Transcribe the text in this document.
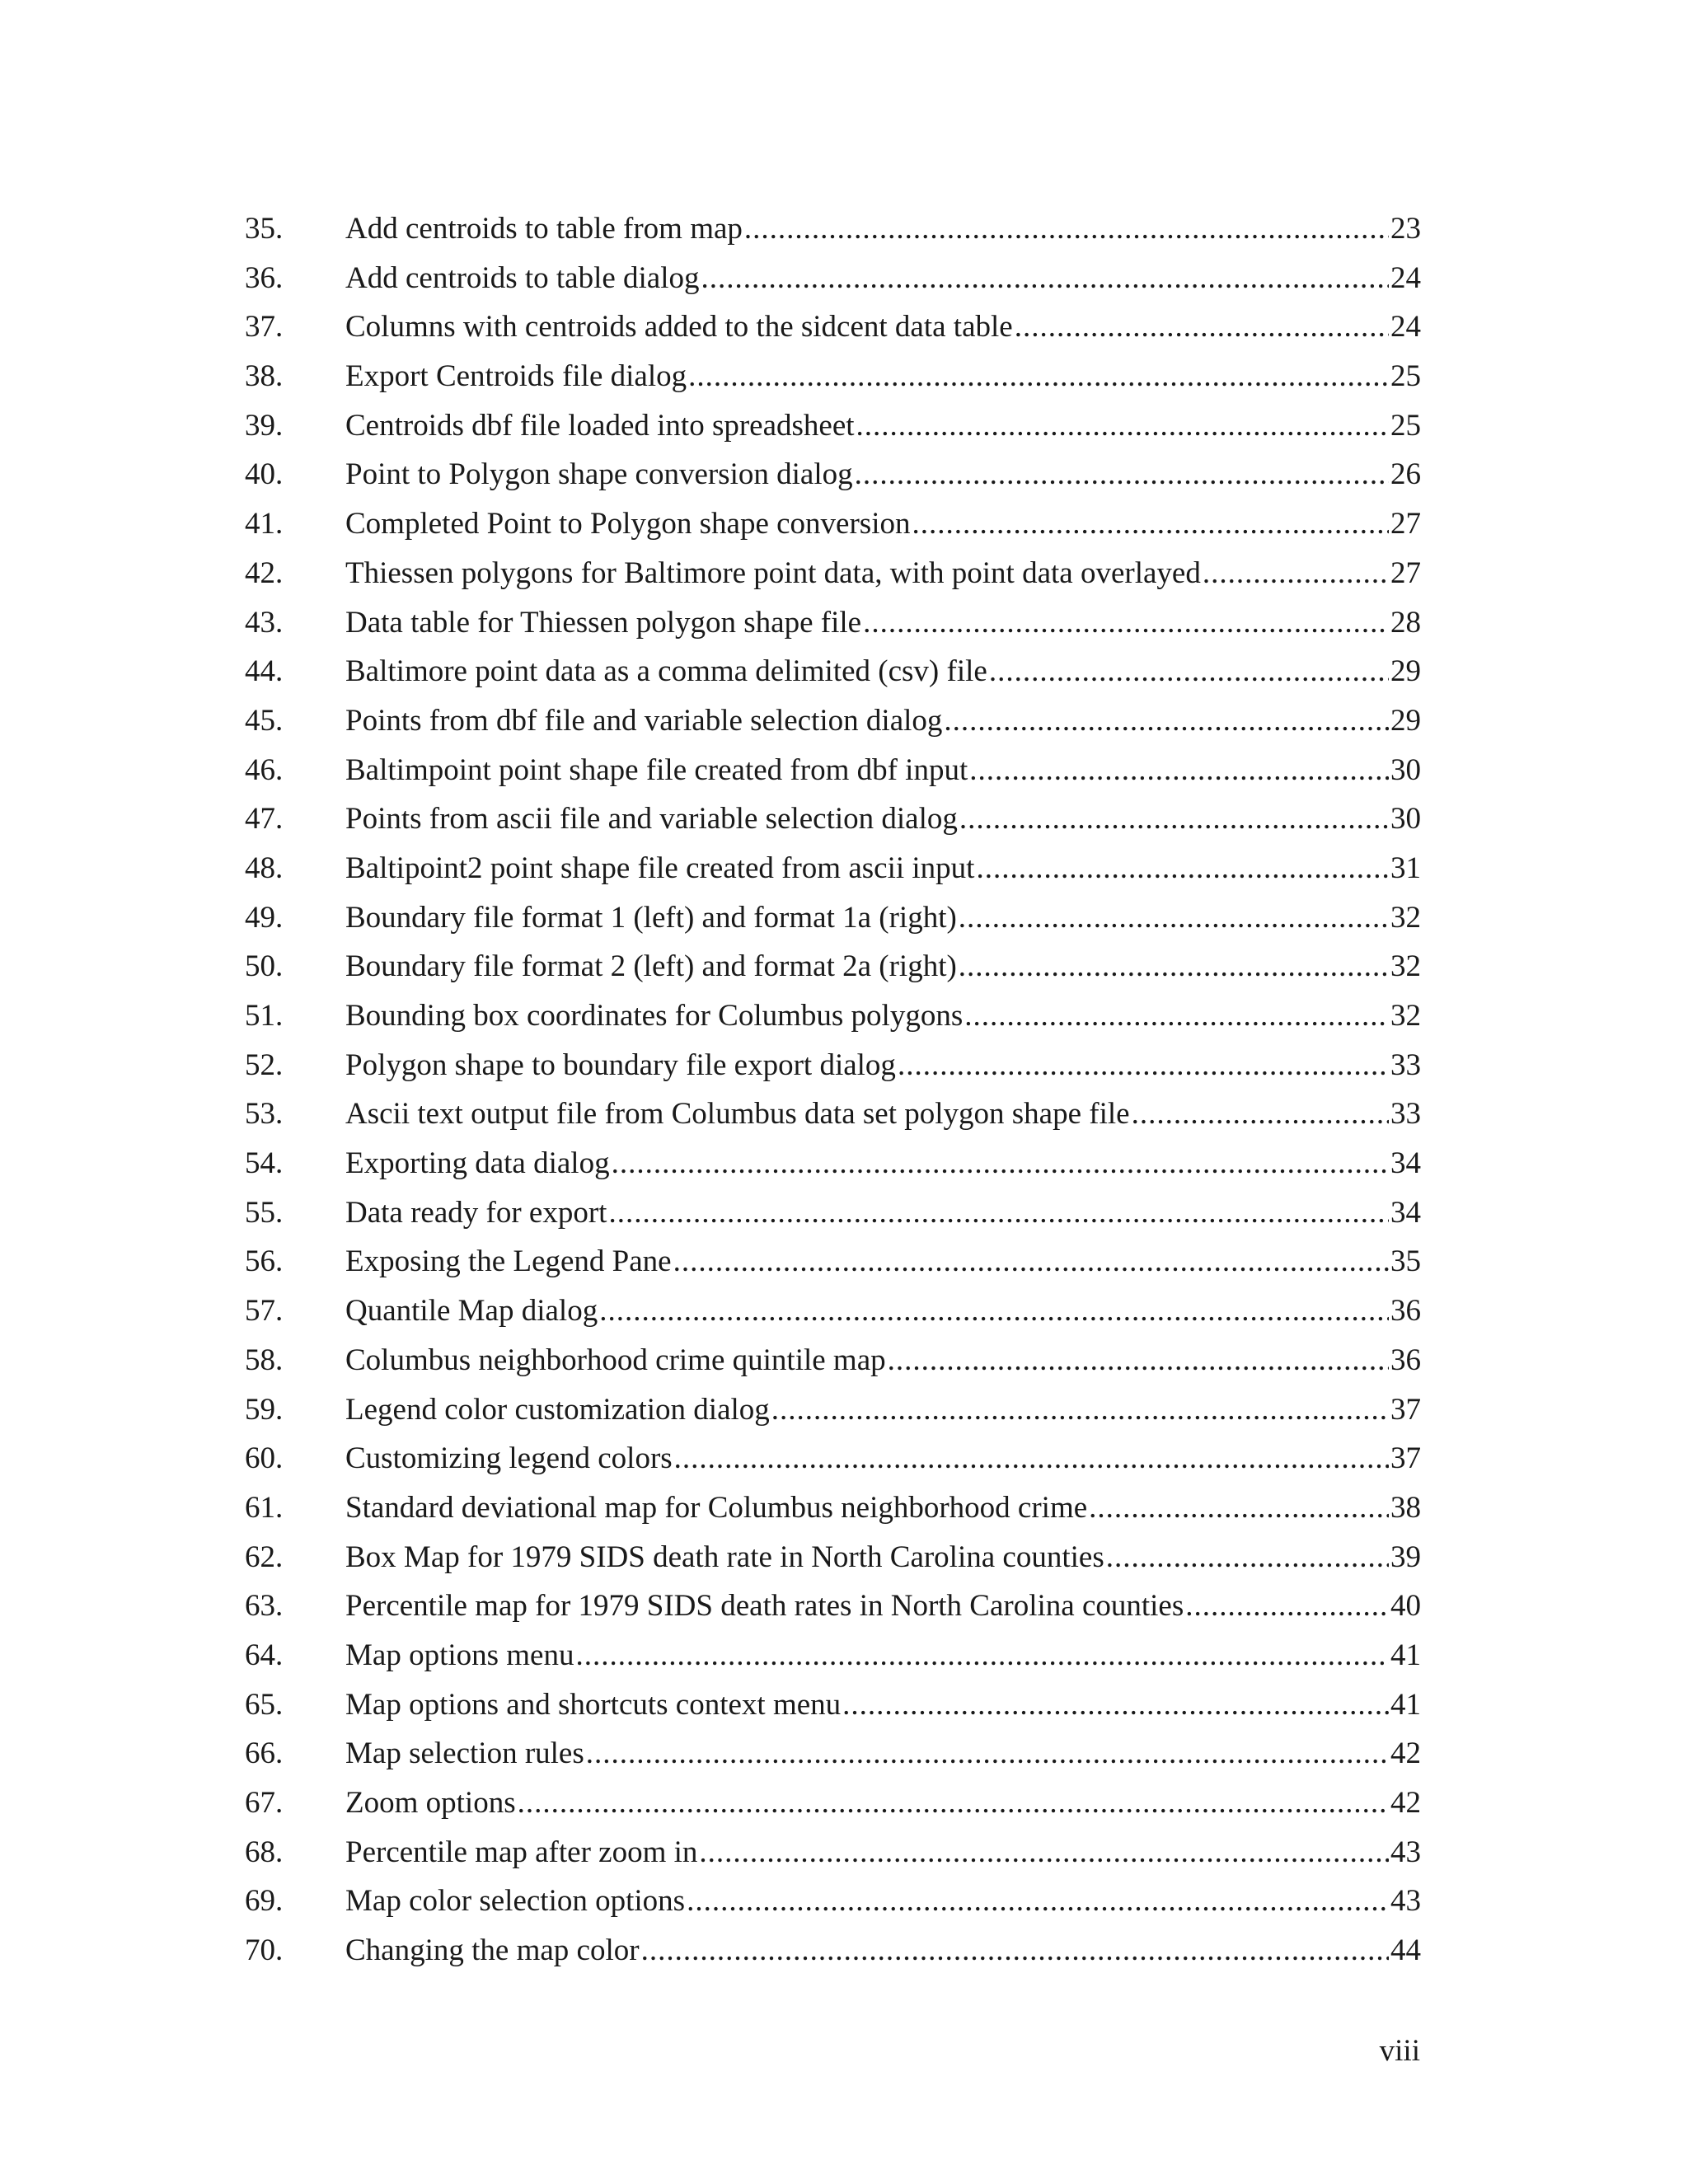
35.	Add centroids to table from map .....	23
36.	Add centroids to table dialog .....	24
37.	Columns with centroids added to the sidcent data table .....	24
38.	Export Centroids file dialog .....	25
39.	Centroids dbf file loaded into spreadsheet .....	25
40.	Point to Polygon shape conversion dialog .....	26
41.	Completed Point to Polygon shape conversion .....	27
42.	Thiessen polygons for Baltimore point data, with point data overlayed .....	27
43.	Data table for Thiessen polygon shape file .....	28
44.	Baltimore point data as a comma delimited (csv) file .....	29
45.	Points from dbf file and variable selection dialog .....	29
46.	Baltimpoint point shape file created from dbf input .....	30
47.	Points from ascii file and variable selection dialog .....	30
48.	Baltipoint2 point shape file created from ascii input .....	31
49.	Boundary file format 1 (left) and format 1a (right) .....	32
50.	Boundary file format 2 (left) and format 2a (right) .....	32
51.	Bounding box coordinates for Columbus polygons .....	32
52.	Polygon shape to boundary file export dialog .....	33
53.	Ascii text output file from Columbus data set polygon shape file .....	33
54.	Exporting data dialog .....	34
55.	Data ready for export .....	34
56.	Exposing the Legend Pane .....	35
57.	Quantile Map dialog .....	36
58.	Columbus neighborhood crime quintile map .....	36
59.	Legend color customization dialog .....	37
60.	Customizing legend colors .....	37
61.	Standard deviational map for Columbus neighborhood crime .....	38
62.	Box Map for 1979 SIDS death rate in North Carolina counties .....	39
63.	Percentile map for 1979 SIDS death rates in North Carolina counties .....	40
64.	Map options menu .....	41
65.	Map options and shortcuts context menu .....	41
66.	Map selection rules .....	42
67.	Zoom options .....	42
68.	Percentile map after zoom in .....	43
69.	Map color selection options .....	43
70.	Changing the map color .....	44
viii
